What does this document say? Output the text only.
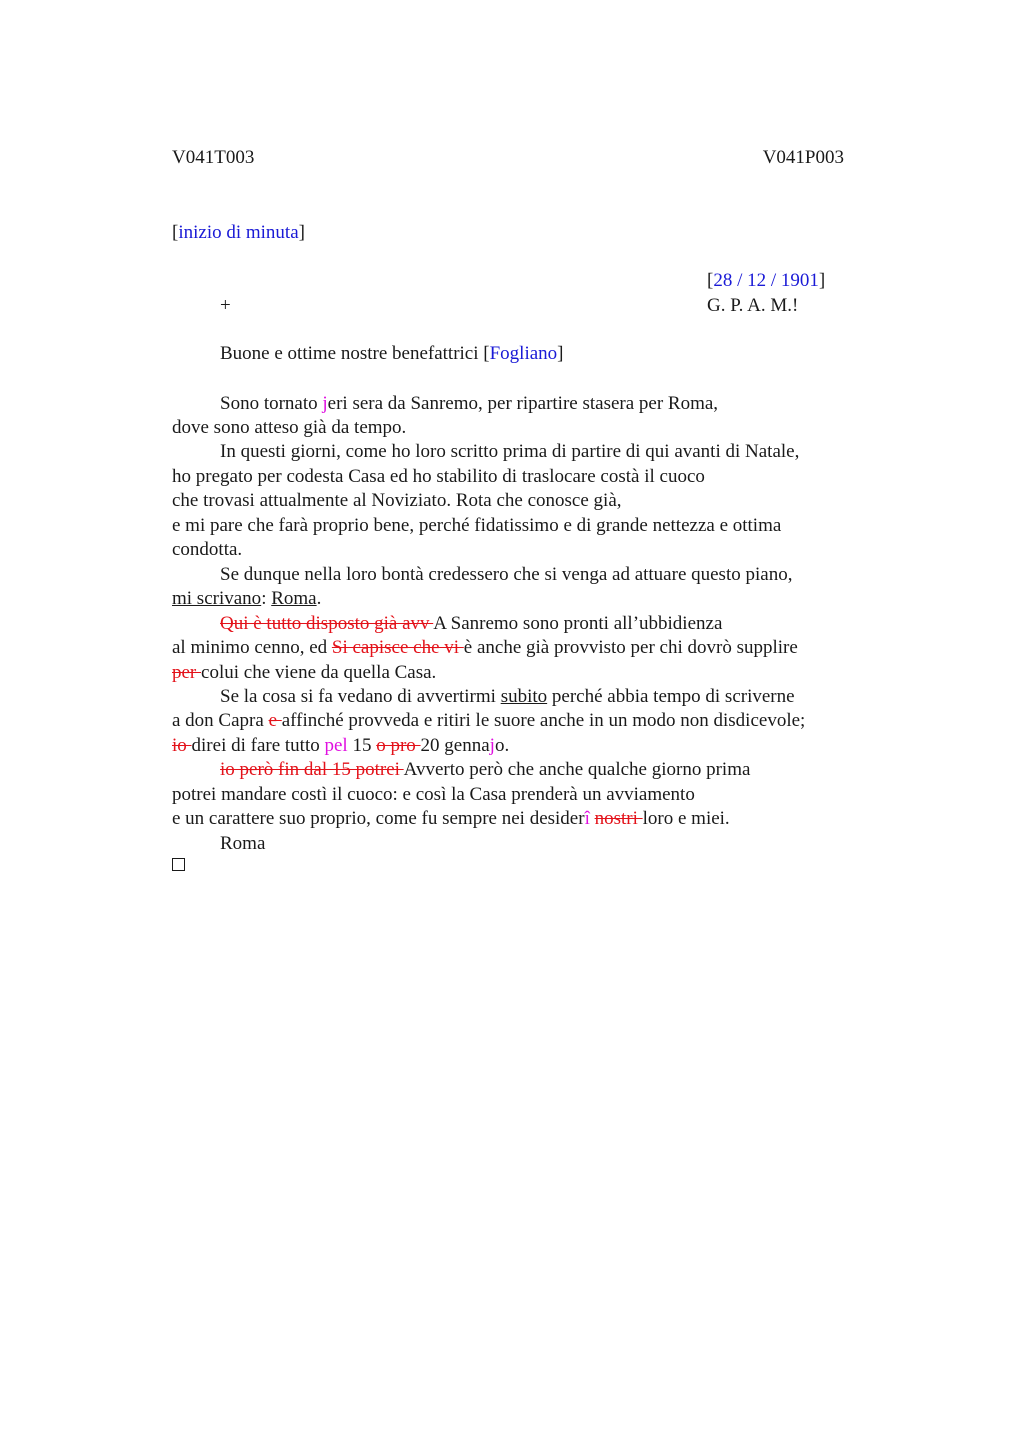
V041T003	V041P003
[inizio di minuta]
[28 / 12 / 1901]
+	G. P. A. M.!
Buone e ottime nostre benefattrici [Fogliano]
Sono tornato jeri sera da Sanremo, per ripartire stasera per Roma,
dove sono atteso già da tempo.
In questi giorni, come ho loro scritto prima di partire di qui avanti di Natale,
ho pregato per codesta Casa ed ho stabilito di traslocare costà il cuoco
che trovasi attualmente al Noviziato. Rota che conosce già,
e mi pare che farà proprio bene, perché fidatissimo e di grande nettezza e ottima
condotta.
Se dunque nella loro bontà credessero che si venga ad attuare questo piano,
mi scrivano: Roma.
Qui è tutto disposto già avv A Sanremo sono pronti all’ubbidienza
al minimo cenno, ed Si capisce che vi è anche già provvisto per chi dovrò supplire
per colui che viene da quella Casa.
Se la cosa si fa vedano di avvertirmi subito perché abbia tempo di scriverne
a don Capra e affinché provveda e ritiri le suore anche in un modo non disdicevole;
io direi di fare tutto pel 15 o pro 20 gennajo.
io però fin dal 15 potrei Avverto però che anche qualche giorno prima
potrei mandare costì il cuoco: e così la Casa prenderà un avviamento
e un carattere suo proprio, come fu sempre nei desiderî nostri loro e miei.
Roma
